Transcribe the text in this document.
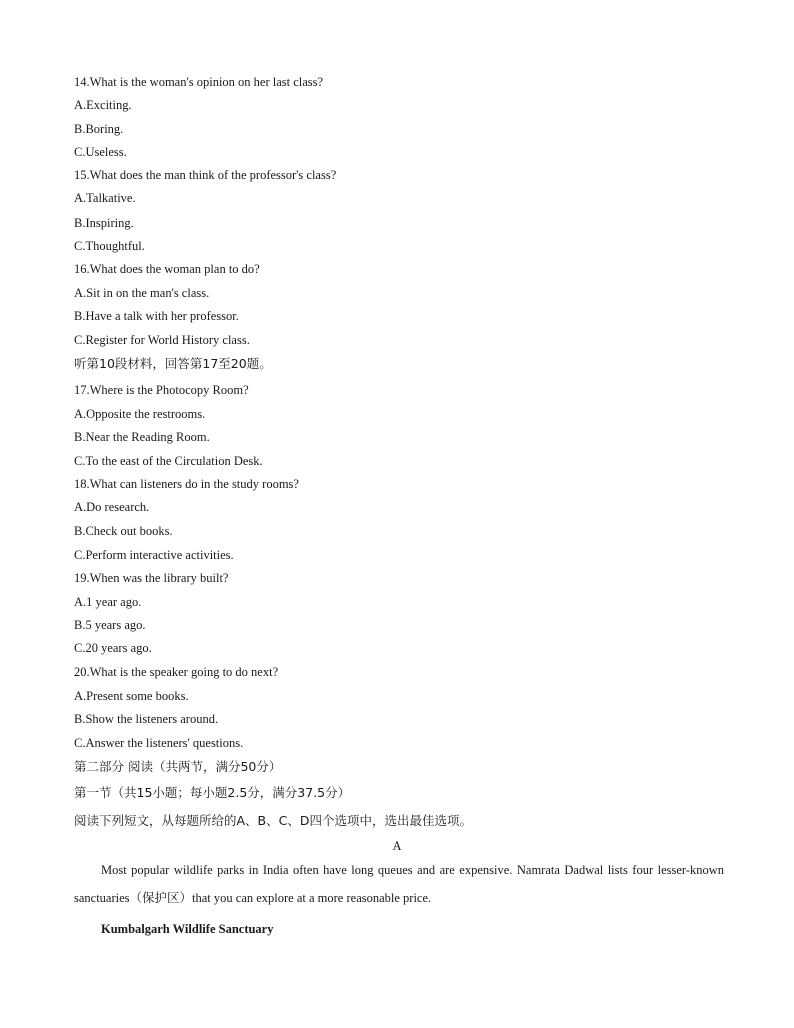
14.What is the woman's opinion on her last class?
A.Exciting.
B.Boring.
C.Useless.
15.What does the man think of the professor's class?
A.Talkative.
B.Inspiring.
C.Thoughtful.
16.What does the woman plan to do?
A.Sit in on the man's class.
B.Have a talk with her professor.
C.Register for World History class.
听第10段材料，回答第17至20题。
17.Where is the Photocopy Room?
A.Opposite the restrooms.
B.Near the Reading Room.
C.To the east of the Circulation Desk.
18.What can listeners do in the study rooms?
A.Do research.
B.Check out books.
C.Perform interactive activities.
19.When was the library built?
A.1 year ago.
B.5 years ago.
C.20 years ago.
20.What is the speaker going to do next?
A.Present some books.
B.Show the listeners around.
C.Answer the listeners' questions.
第二部分 阅读（共两节，满分50分）
第一节（共15小题；每小题2.5分，满分37.5分）
阅读下列短文，从每题所给的A、B、C、D四个选项中，选出最佳选项。
A
Most popular wildlife parks in India often have long queues and are expensive. Namrata Dadwal lists four lesser-known sanctuaries（保护区）that you can explore at a more reasonable price.
Kumbalgarh Wildlife Sanctuary
